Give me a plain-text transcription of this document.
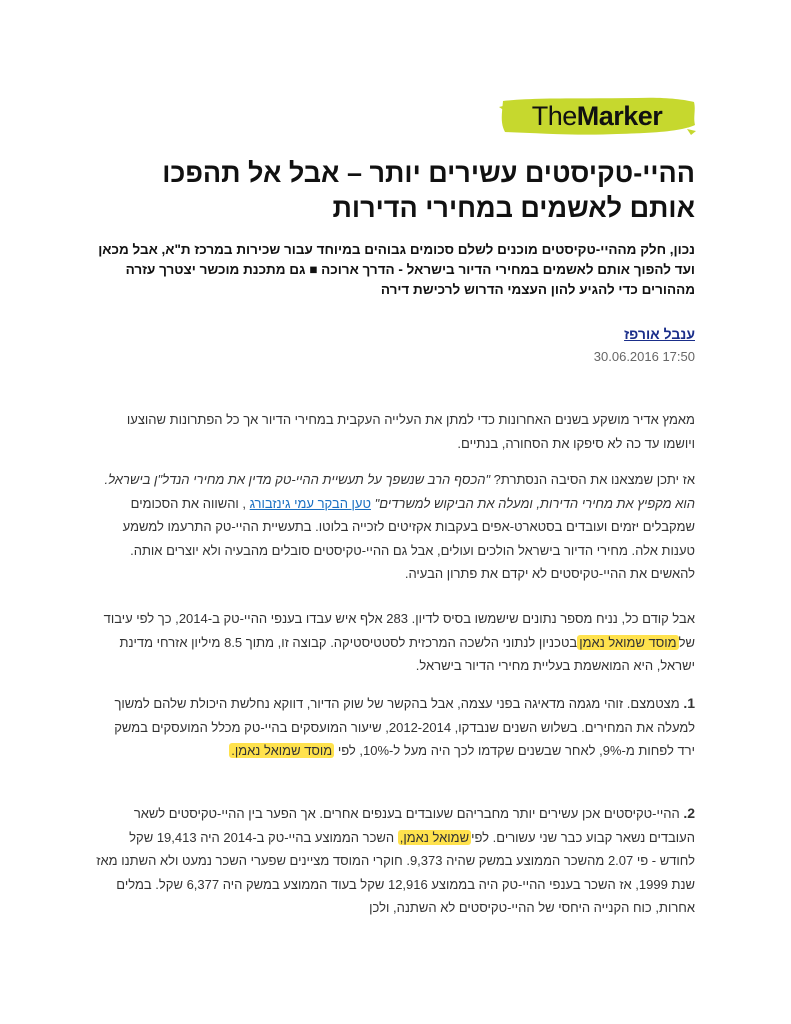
The Marker
ההיי-טקיסטים עשירים יותר – אבל אל תהפכו אותם לאשמים במחירי הדירות
נכון, חלק מההיי-טקיסטים מוכנים לשלם סכומים גבוהים במיוחד עבור שכירות במרכז ת"א, אבל מכאן ועד להפוך אותם לאשמים במחירי הדיור בישראל - הדרך ארוכה ■ גם מתכנת מוכשר יצטרך עזרה מההורים כדי להגיע להון העצמי הדרוש לרכישת דירה
ענבל אורפז
30.06.2016 17:50

מאמץ אדיר מושקע בשנים האחרונות כדי למתן את העלייה העקבית במחירי הדיור אך כל הפתרונות שהוצעו ויושמו עד כה לא סיפקו את הסחורה, בנתיים.

אז יתכן שמצאנו את הסיבה הנסתרת? "הכסף הרב שנשפך על תעשיית ההיי-טק מדין את מחירי הנדל"ן בישראל. הוא מקפיץ את מחירי הדירות, ומעלה את הביקוש למשרדים" טען הבקר עמי גינזבורג , והשווה את הסכומים שמקבלים יזמים ועובדים בסטארט-אפים בעקבות אקזיטים לזכייה בלוטו. בתעשיית ההיי-טק התרעמו למשמע טענות אלה. מחירי הדיור בישראל הולכים ועולים, אבל גם ההיי-טקיסטים סובלים מהבעיה ולא יוצרים אותה. להאשים את ההיי-טקיסטים לא יקדם את פתרון הבעיה.

אבל קודם כל, נניח מספר נתונים שישמשו בסיס לדיון. 283 אלף איש עבדו בענפי ההיי-טק ב-2014, כך לפי עיבוד שלמוסד שמואל נאמןבטכניון לנתוני הלשכה המרכזית לסטטיסטיקה. קבוצה זו, מתוך 8.5 מיליון אזרחי מדינת ישראל, היא המואשמת בעליית מחירי הדיור בישראל.

1. מצטמצם. זוהי מגמה מדאיגה בפני עצמה, אבל בהקשר של שוק הדיור, דווקא נחלשת היכולת שלהם למשוך למעלה את המחירים. בשלוש השנים שנבדקו, 2012-2014, שיעור המועסקים בהיי-טק מכלל המועסקים במשק ירד לפחות מ-9%, לאחר שבשנים שקדמו לכך היה מעל ל-10%, לפי מוסד שמואל נאמן.

2. ההיי-טקיסטים אכן עשירים יותר מחבריהם שעובדים בענפים אחרים. אך הפער בין ההיי-טקיסטים לשאר העובדים נשאר קבוע כבר שני עשורים. לפישמואל נאמן, השכר הממוצע בהיי-טק ב-2014 היה 19,413 שקל לחודש - פי 2.07 מהשכר הממוצע במשק שהיה 9,373. חוקרי המוסד מציינים שפערי השכר נמעט ולא השתנו מאז שנת 1999, אז השכר בענפי ההיי-טק היה בממוצע 12,916 שקל בעוד הממוצע במשק היה 6,377 שקל. במלים אחרות, כוח הקנייה היחסי של ההיי-טקיסטים לא השתנה, ולכן
